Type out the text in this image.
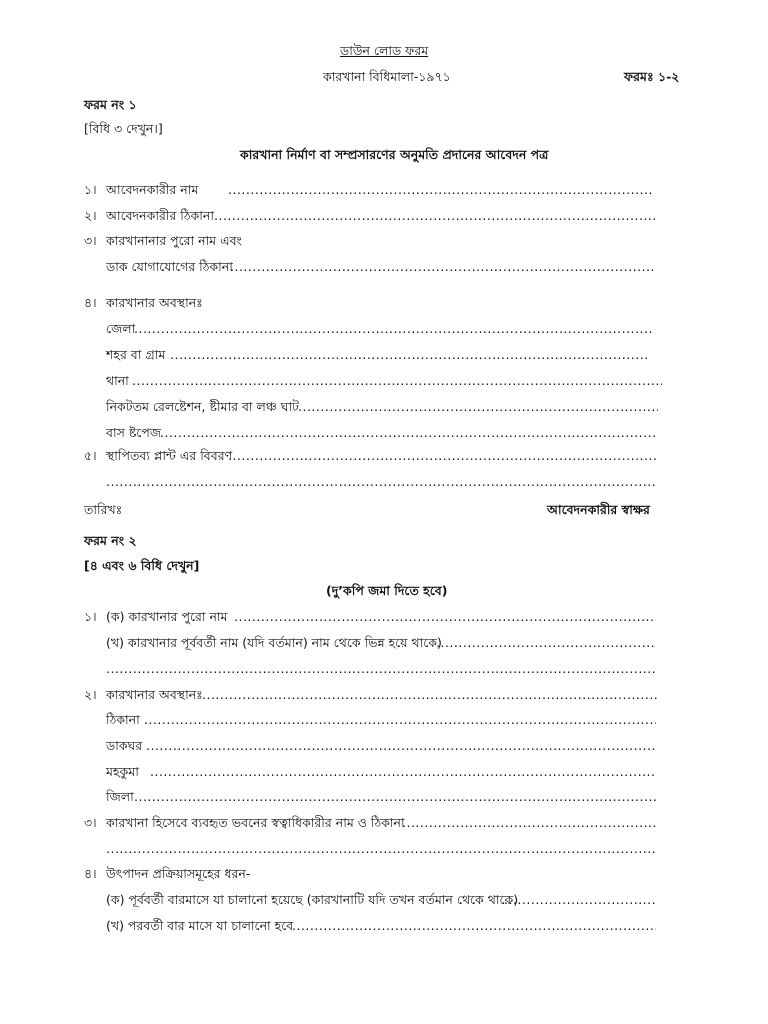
ডাউন লোড ফরম
কারখানা বিধিমালা-১৯৭১	ফরমঃ ১-২
ফরম নং ১
[বিধি ৩ দেখুন।]
কারখানা নির্মাণ বা সম্প্রসারণের অনুমতি প্রদানের আবেদন পত্র
১। আবেদনকারীর নাম
.....
২। আবেদনকারীর ঠিকানা
.....
৩। কারখানানার পুরো নাম এবং
ডাক যোগাযোগের ঠিকানা
.....
৪। কারখানার অবস্থানঃ
জেলা
.....
শহর বা গ্রাম
.....
থানা
.....
নিকটতম রেলষ্টেশন, ষ্টীমার বা লঞ্চ ঘাট
.....
বাস ষ্টপেজ
.....
৫। স্থাপিতব্য প্লান্ট এর বিবরণ
.....
.....
তারিখঃ	আবেদনকারীর স্বাক্ষর
ফরম নং ২
[৪ এবং ৬ বিধি দেখুন]
(দু’কপি জমা দিতে হবে)
১। (ক) কারখানার পুরো নাম
.....
(খ) কারখানার পূর্ববর্তী নাম (যদি বর্তমান) নাম থেকে ভিন্ন হয়ে থাকে)
.....
.....
২। কারখানার অবস্থানঃ
.....
ঠিকানা
.....
ডাকঘর
.....
মহকুমা
.....
জিলা
.....
৩। কারখানা হিসেবে ব্যবহৃত ভবনের স্বত্বাধিকারীর নাম ও ঠিকানা
.....
.....
৪। উৎপাদন প্রক্রিয়াসমূহের ধরন-
(ক) পূর্ববর্তী বারমাসে যা চালানো হয়েছে (কারখানাটি যদি তখন বর্তমান থেকে থাকে)
.....
(খ) পরবর্তী বার মাসে যা চালানো হবে
.....
